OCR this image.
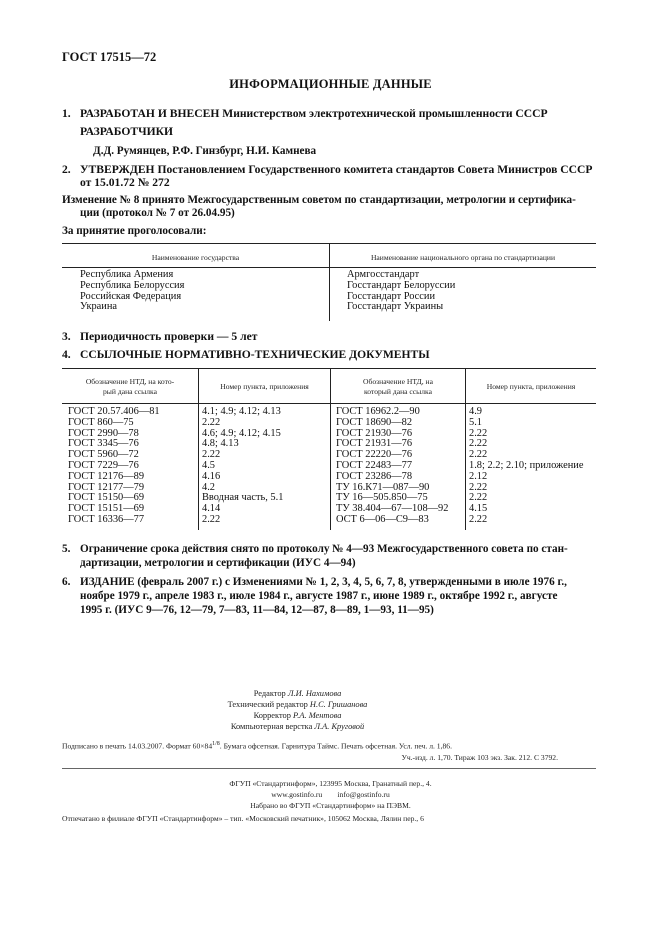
ГОСТ 17515—72
ИНФОРМАЦИОННЫЕ ДАННЫЕ
1. РАЗРАБОТАН И ВНЕСЕН Министерством электротехнической промышленности СССР
РАЗРАБОТЧИКИ
Д.Д. Румянцев, Р.Ф. Гинзбург, Н.И. Камнева
2. УТВЕРЖДЕН Постановлением Государственного комитета стандартов Совета Министров СССР
от 15.01.72 № 272
Изменение № 8 принято Межгосударственным советом по стандартизации, метрологии и сертифика-
ции (протокол № 7 от 26.04.95)
За принятие проголосовали:
Наименование государства	Наименование национального органа по стандартизации
Республика Армения
Республика Белоруссия
Российская Федерация
Украина
Армгосстандарт
Госстандарт Белоруссии
Госстандарт России
Госстандарт Украины
3. Периодичность проверки — 5 лет
4. ССЫЛОЧНЫЕ НОРМАТИВНО-ТЕХНИЧЕСКИЕ ДОКУМЕНТЫ
Обозначение НТД, на кото-
рый дана ссылка
Номер пункта, приложения
Обозначение НТД, на
который дана ссылка
Номер пункта, приложения
ГОСТ 20.57.406—81
ГОСТ 860—75
ГОСТ 2990—78
ГОСТ 3345—76
ГОСТ 5960—72
ГОСТ 7229—76
ГОСТ 12176—89
ГОСТ 12177—79
ГОСТ 15150—69
ГОСТ 15151—69
ГОСТ 16336—77
4.1; 4.9; 4.12; 4.13
2.22
4.6; 4.9; 4.12; 4.15
4.8; 4.13
2.22
4.5
4.16
4.2
Вводная часть, 5.1
4.14
2.22
ГОСТ 16962.2—90
ГОСТ 18690—82
ГОСТ 21930—76
ГОСТ 21931—76
ГОСТ 22220—76
ГОСТ 22483—77
ГОСТ 23286—78
ТУ 16.К71—087—90
ТУ 16—505.850—75
ТУ 38.404—67—108—92
ОСТ 6—06—С9—83
4.9
5.1
2.22
2.22
2.22
1.8; 2.2; 2.10; приложение
2.12
2.22
2.22
4.15
2.22
5. Ограничение срока действия снято по протоколу № 4—93 Межгосударственного совета по стан-
дартизации, метрологии и сертификации (ИУС 4—94)
6. ИЗДАНИЕ (февраль 2007 г.) с Изменениями № 1, 2, 3, 4, 5, 6, 7, 8, утвержденными в июле 1976 г.,
ноябре 1979 г., апреле 1983 г., июле 1984 г., августе 1987 г., июне 1989 г., октябре 1992 г., августе
1995 г. (ИУС 9—76, 12—79, 7—83, 11—84, 12—87, 8—89, 1—93, 11—95)
Редактор Л.И. Нахимова
Технический редактор Н.С. Гришанова
Корректор Р.А. Ментова
Компьютерная верстка Л.А. Круговой
Подписано в печать 14.03.2007. Формат $60\times 84^{1/8}$. Бумага офсетная. Гарнитура Таймс. Печать офсетная. Усл. печ. л. 1,86.
Уч.-изд. л. 1,70. Тираж 103 экз. Зак. 212. С 3792.
ФГУП «Стандартинформ», 123995 Москва, Гранатный пер., 4.
www.gostinfo.ru info@gostinfo.ru
Набрано во ФГУП «Стандартинформ» на ПЭВМ.
Отпечатано в филиале ФГУП «Стандартинформ» – тип. «Московский печатник», 105062 Москва, Лялин пер., 6
